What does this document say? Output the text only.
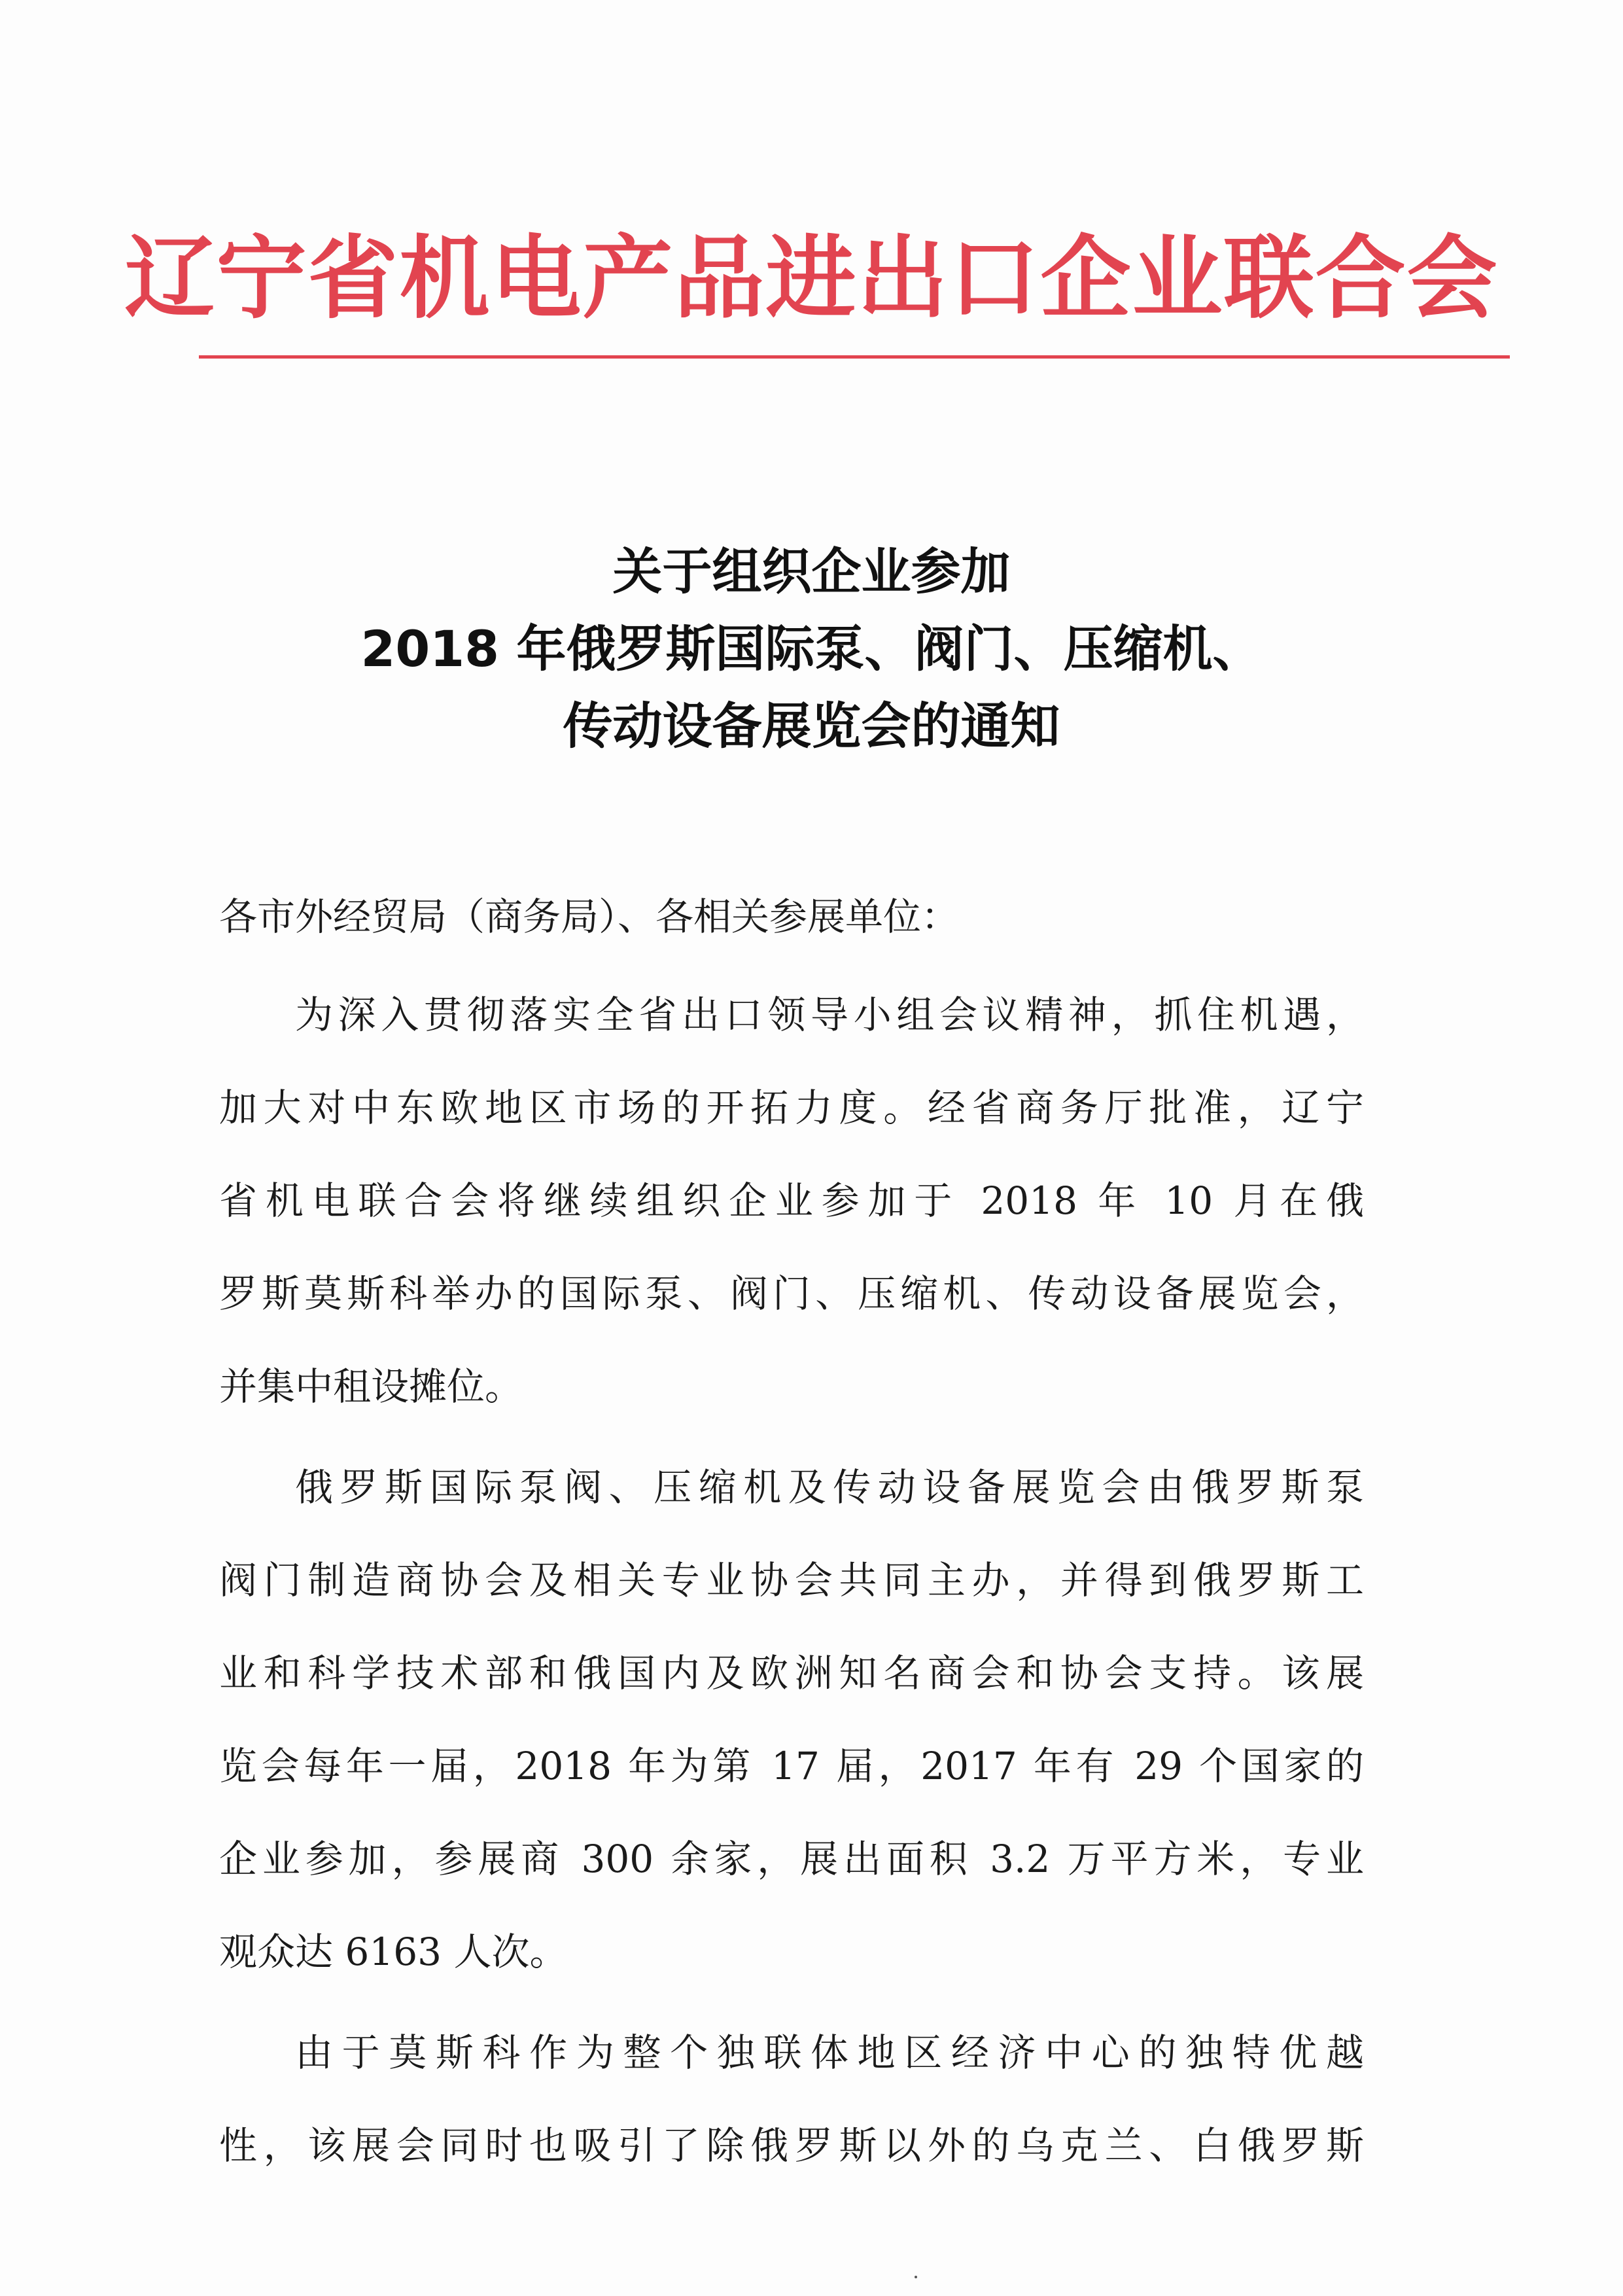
辽宁省机电产品进出口企业联合会
关于组织企业参加
2018 年俄罗斯国际泵、阀门、压缩机、
传动设备展览会的通知
各市外经贸局（商务局）、各相关参展单位：
为深入贯彻落实全省出口领导小组会议精神，抓住机遇，
加大对中东欧地区市场的开拓力度。经省商务厅批准，辽宁
省机电联合会将继续组织企业参加于 2018 年 10 月在俄
罗斯莫斯科举办的国际泵、阀门、压缩机、传动设备展览会，
并集中租设摊位。
俄罗斯国际泵阀、压缩机及传动设备展览会由俄罗斯泵
阀门制造商协会及相关专业协会共同主办，并得到俄罗斯工
业和科学技术部和俄国内及欧洲知名商会和协会支持。该展
览会每年一届，2018 年为第 17 届，2017 年有 29 个国家的
企业参加，参展商 300 余家，展出面积 3.2 万平方米，专业
观众达 6163 人次。
由于莫斯科作为整个独联体地区经济中心的独特优越
性，该展会同时也吸引了除俄罗斯以外的乌克兰、白俄罗斯
